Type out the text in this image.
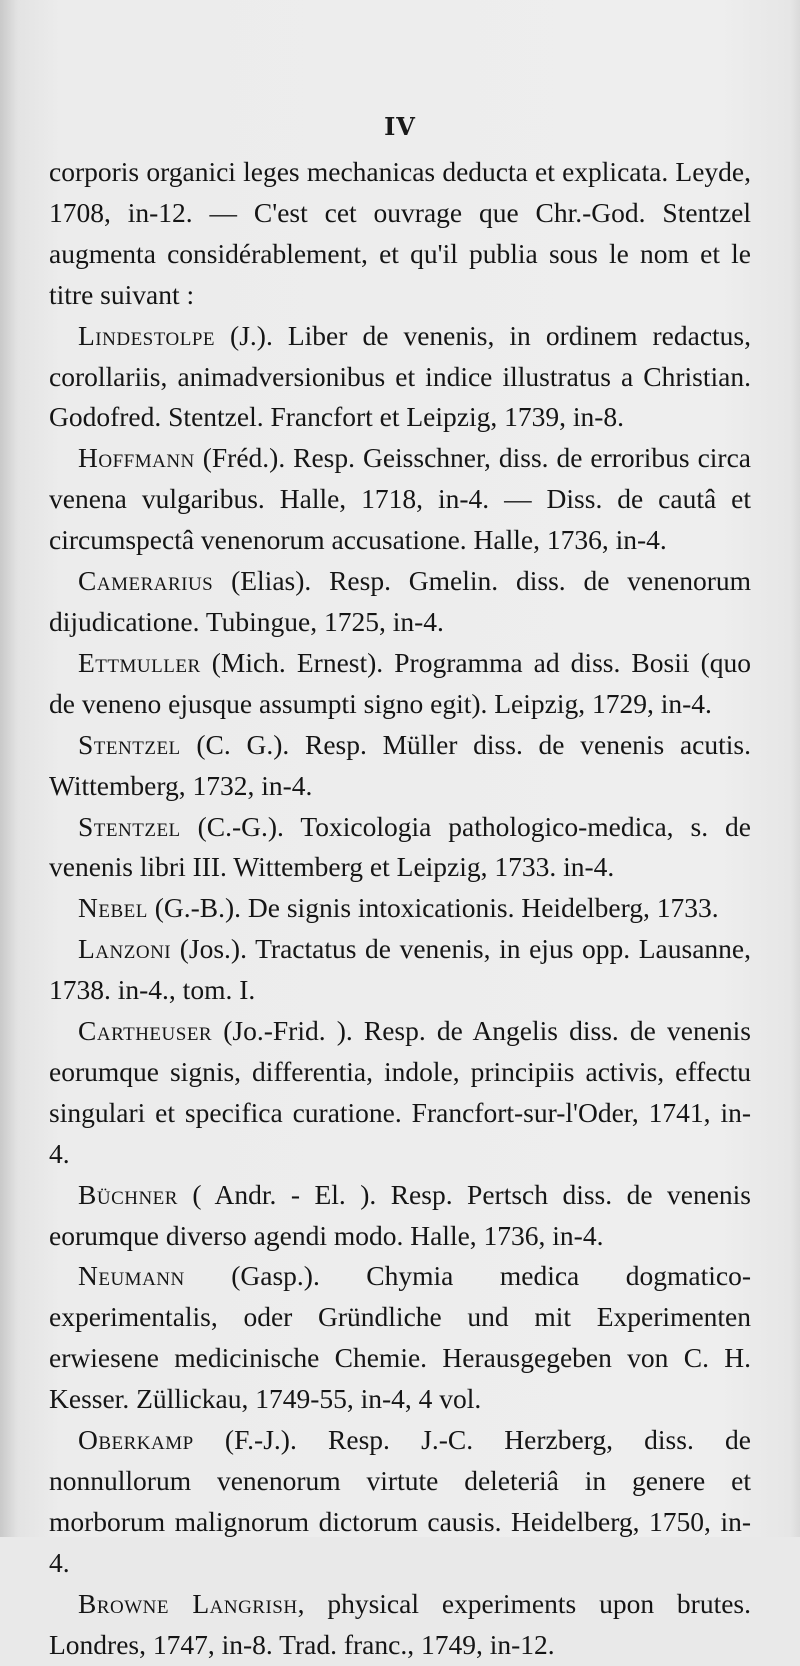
IV

corporis organici leges mechanicas deducta et explicata. Leyde, 1708, in-12. — C'est cet ouvrage que Chr.-God. Stentzel augmenta considérablement, et qu'il publia sous le nom et le titre suivant :

Lindestolpe (J.). Liber de venenis, in ordinem redactus, corollariis, animadversionibus et indice illustratus a Christian. Godofred. Stentzel. Francfort et Leipzig, 1739, in-8.

Hoffmann (Fréd.). Resp. Geisschner, diss. de erroribus circa venena vulgaribus. Halle, 1718, in-4. — Diss. de cautâ et circumspectâ venenorum accusatione. Halle, 1736, in-4.

Camerarius (Elias). Resp. Gmelin. diss. de venenorum dijudicatione. Tubingue, 1725, in-4.

Ettmuller (Mich. Ernest). Programma ad diss. Bosii (quo de veneno ejusque assumpti signo egit). Leipzig, 1729, in-4.

Stentzel (C. G.). Resp. Müller diss. de venenis acutis. Wittemberg, 1732, in-4.

Stentzel (C.-G.). Toxicologia pathologico-medica, s. de venenis libri III. Wittemberg et Leipzig, 1733. in-4.

Nebel (G.-B.). De signis intoxicationis. Heidelberg, 1733.

Lanzoni (Jos.). Tractatus de venenis, in ejus opp. Lausanne, 1738. in-4., tom. I.

Cartheuser (Jo.-Frid. ). Resp. de Angelis diss. de venenis eorumque signis, differentia, indole, principiis activis, effectu singulari et specifica curatione. Francfort-sur-l'Oder, 1741, in-4.

Büchner ( Andr. - El. ). Resp. Pertsch diss. de venenis eorumque diverso agendi modo. Halle, 1736, in-4.

Neumann (Gasp.). Chymia medica dogmatico-experimentalis, oder Gründliche und mit Experimenten erwiesene medicinische Chemie. Herausgegeben von C. H. Kesser. Züllickau, 1749-55, in-4, 4 vol.

Oberkamp (F.-J.). Resp. J.-C. Herzberg, diss. de nonnullorum venenorum virtute deleteriâ in genere et morborum malignorum dictorum causis. Heidelberg, 1750, in-4.

Browne Langrish, physical experiments upon brutes. Londres, 1747, in-8. Trad. franc., 1749, in-12.
